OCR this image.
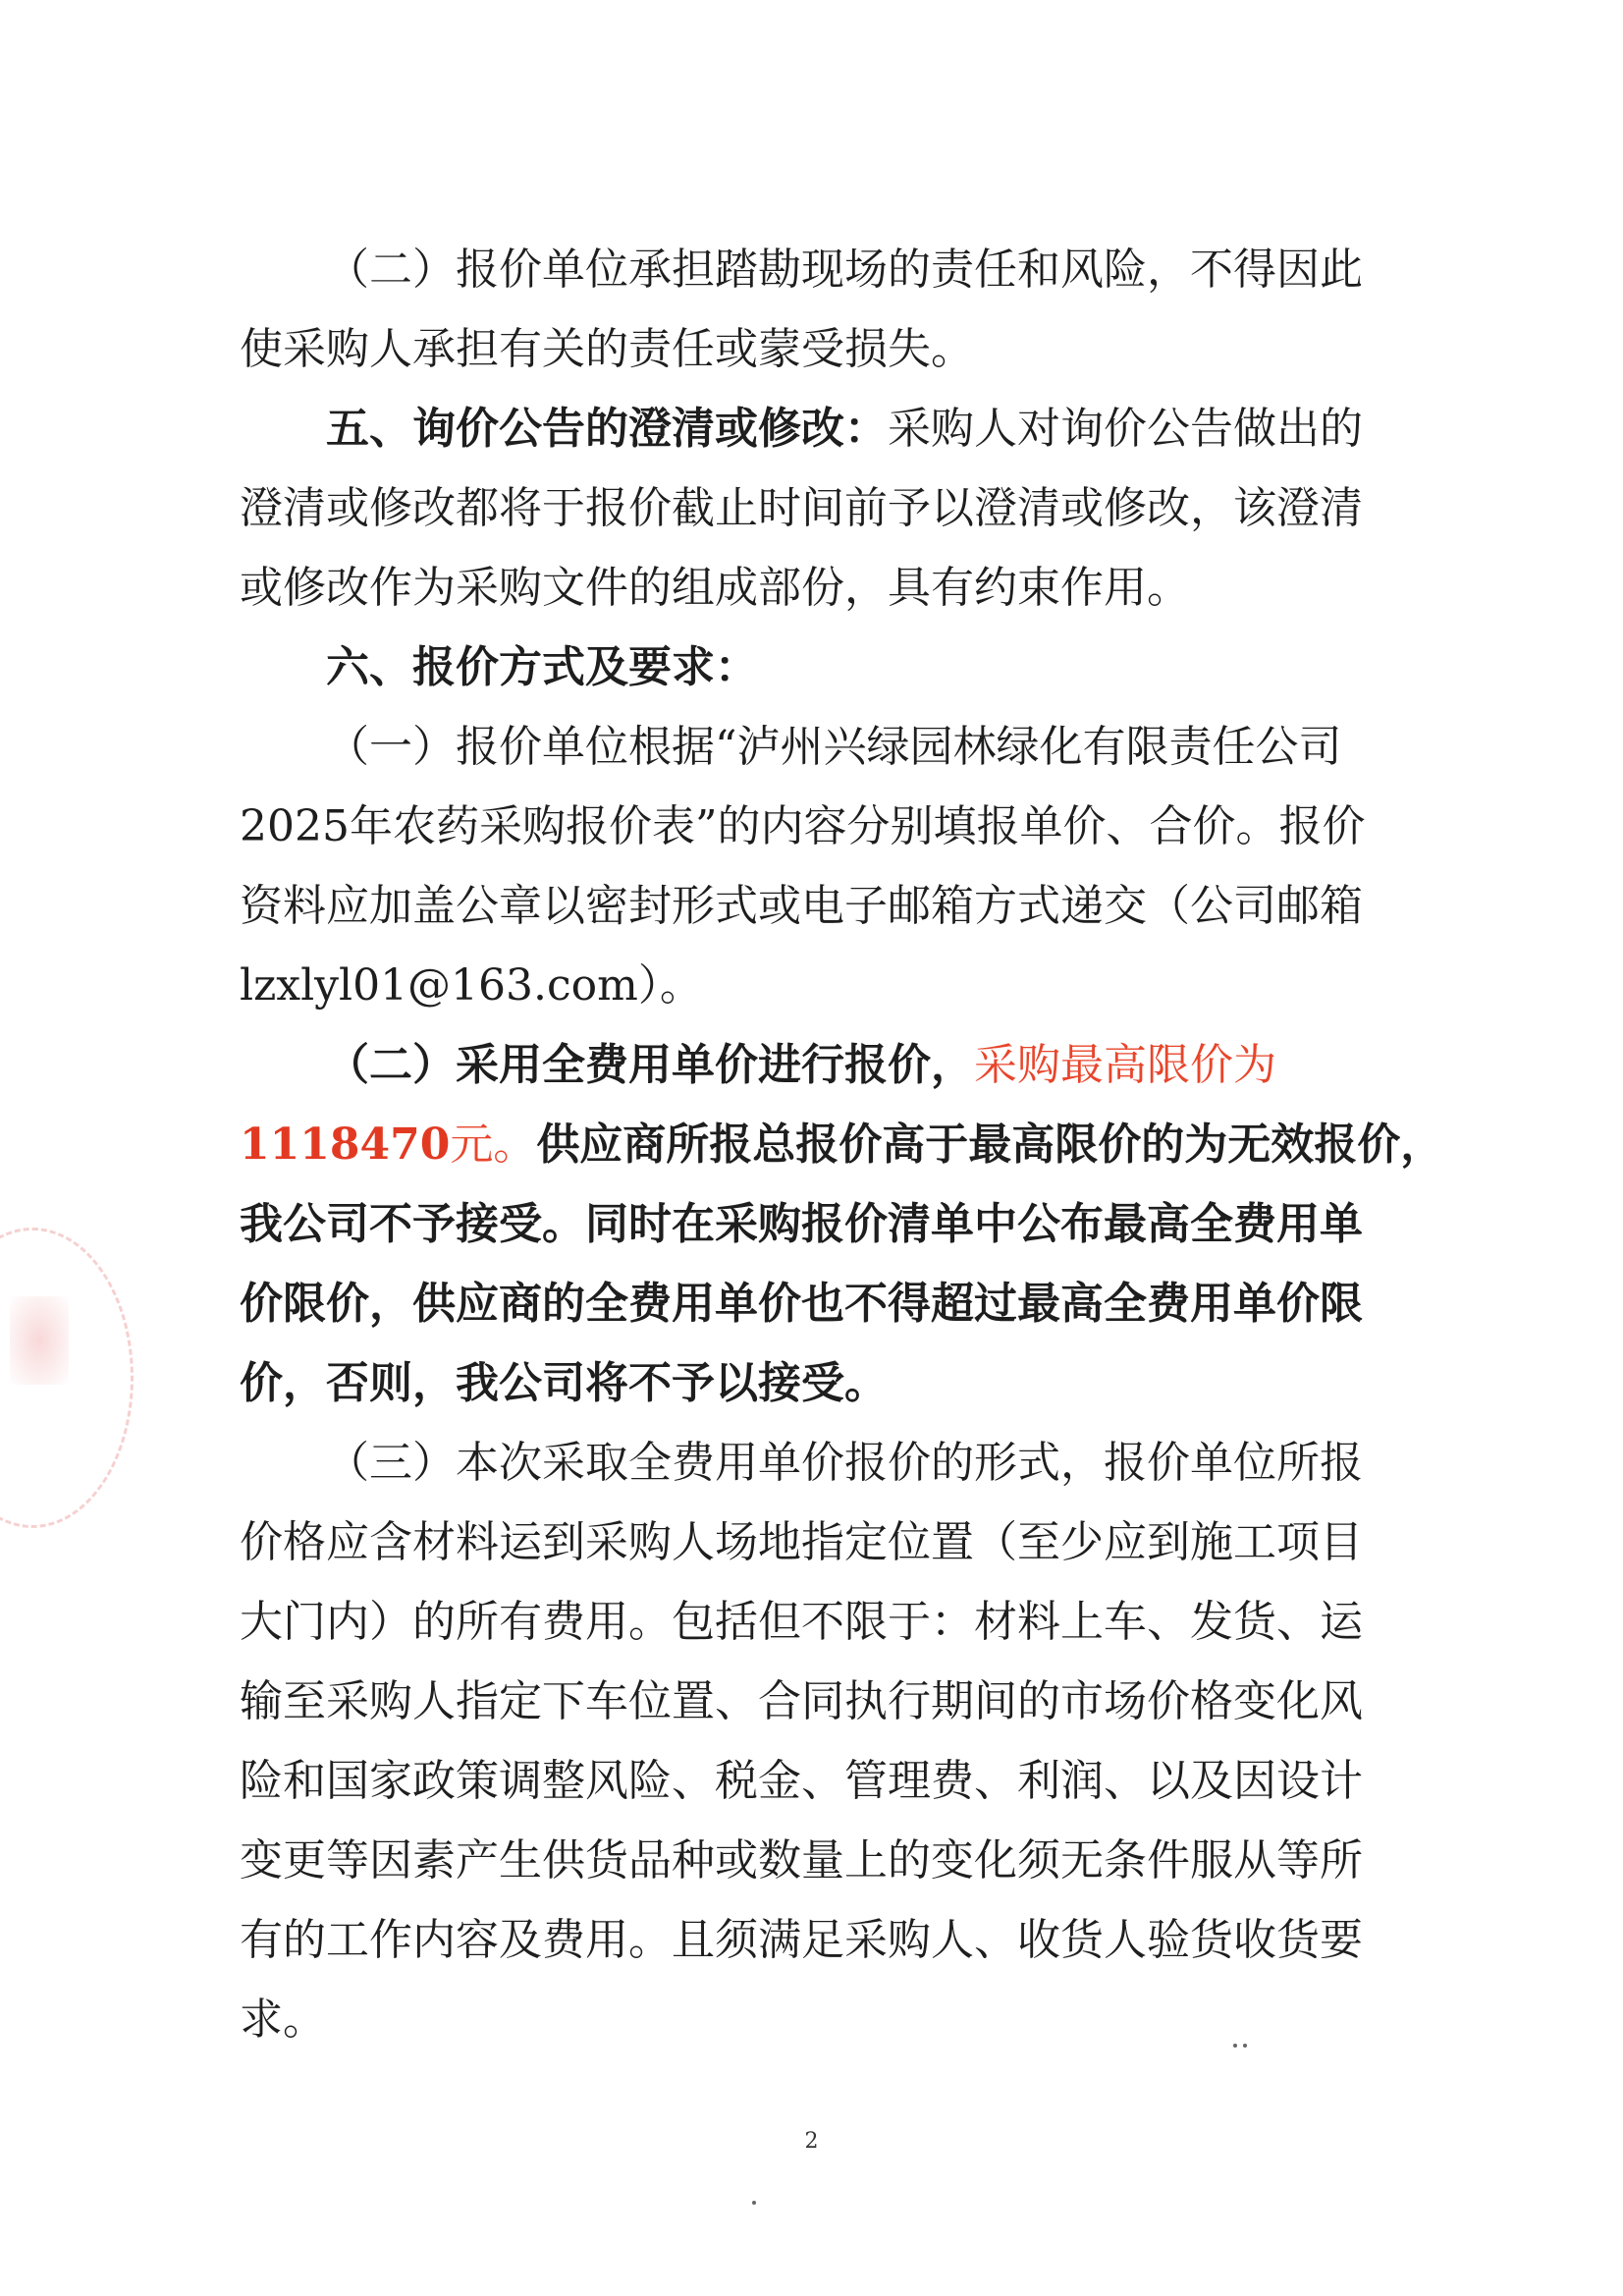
（二）报价单位承担踏勘现场的责任和风险，不得因此
使采购人承担有关的责任或蒙受损失。
五、询价公告的澄清或修改：采购人对询价公告做出的
澄清或修改都将于报价截止时间前予以澄清或修改，该澄清
或修改作为采购文件的组成部份，具有约束作用。
六、报价方式及要求：
（一）报价单位根据“泸州兴绿园林绿化有限责任公司
2025年农药采购报价表”的内容分别填报单价、合价。报价
资料应加盖公章以密封形式或电子邮箱方式递交（公司邮箱
lzxlyl01@163.com）。
（二）采用全费用单价进行报价，采购最高限价为
1118470元。供应商所报总报价高于最高限价的为无效报价，
我公司不予接受。同时在采购报价清单中公布最高全费用单
价限价，供应商的全费用单价也不得超过最高全费用单价限
价，否则，我公司将不予以接受。
（三）本次采取全费用单价报价的形式，报价单位所报
价格应含材料运到采购人场地指定位置（至少应到施工项目
大门内）的所有费用。包括但不限于：材料上车、发货、运
输至采购人指定下车位置、合同执行期间的市场价格变化风
险和国家政策调整风险、税金、管理费、利润、以及因设计
变更等因素产生供货品种或数量上的变化须无条件服从等所
有的工作内容及费用。且须满足采购人、收货人验货收货要
求。
2
